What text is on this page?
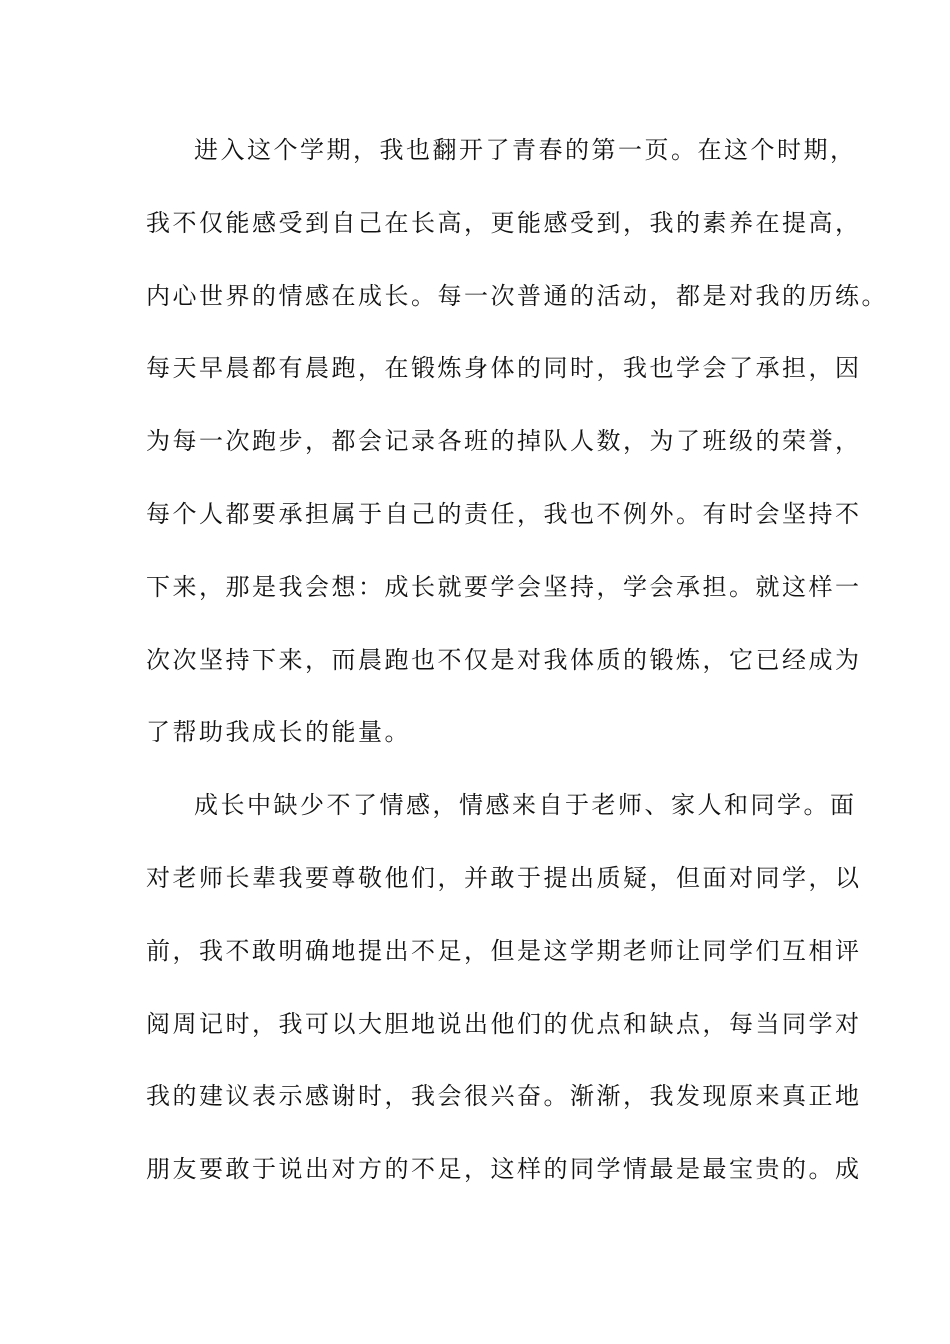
进入这个学期，我也翻开了青春的第一页。在这个时期，
我不仅能感受到自己在长高，更能感受到，我的素养在提高，
内心世界的情感在成长。每一次普通的活动，都是对我的历练。
每天早晨都有晨跑，在锻炼身体的同时，我也学会了承担，因
为每一次跑步，都会记录各班的掉队人数，为了班级的荣誉，
每个人都要承担属于自己的责任，我也不例外。有时会坚持不
下来，那是我会想：成长就要学会坚持，学会承担。就这样一
次次坚持下来，而晨跑也不仅是对我体质的锻炼，它已经成为
了帮助我成长的能量。
成长中缺少不了情感，情感来自于老师、家人和同学。面
对老师长辈我要尊敬他们，并敢于提出质疑，但面对同学，以
前，我不敢明确地提出不足，但是这学期老师让同学们互相评
阅周记时，我可以大胆地说出他们的优点和缺点，每当同学对
我的建议表示感谢时，我会很兴奋。渐渐，我发现原来真正地
朋友要敢于说出对方的不足，这样的同学情最是最宝贵的。成
